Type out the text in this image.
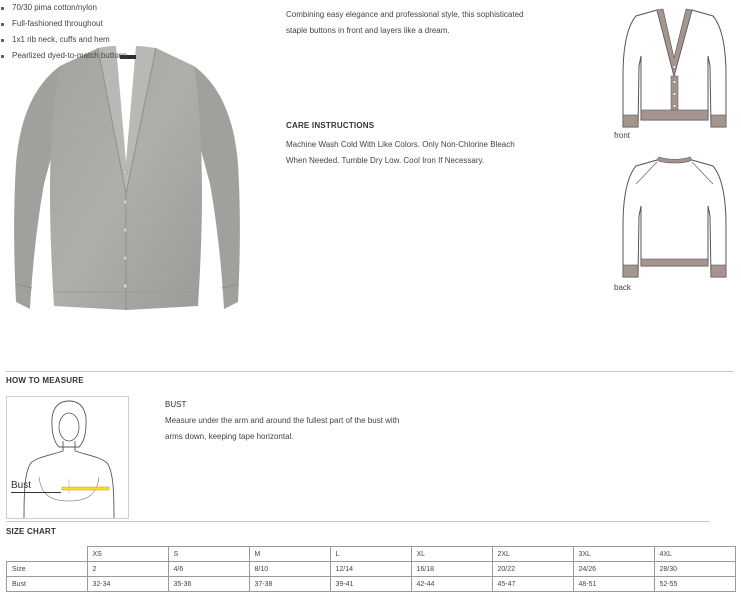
Combining easy elegance and professional style, this sophisticated staple buttons in front and layers like a dream.
70/30 pima cotton/nylon
Full-fashioned throughout
1x1 rib neck, cuffs and hem
Pearlized dyed-to-match buttons
CARE INSTRUCTIONS
Machine Wash Cold With Like Colors. Only Non-Chlorine Bleach When Needed. Tumble Dry Low. Cool Iron If Necessary.
front
back
HOW TO MEASURE
Bust
BUST
Measure under the arm and around the fullest part of the bust with arms down, keeping tape horizontal.
SIZE CHART
	XS	S	M	L	XL	2XL	3XL	4XL
Size	2	4/6	8/10	12/14	16/18	20/22	24/26	28/30
Bust	32-34	35-36	37-38	39-41	42-44	45-47	48-51	52-55
